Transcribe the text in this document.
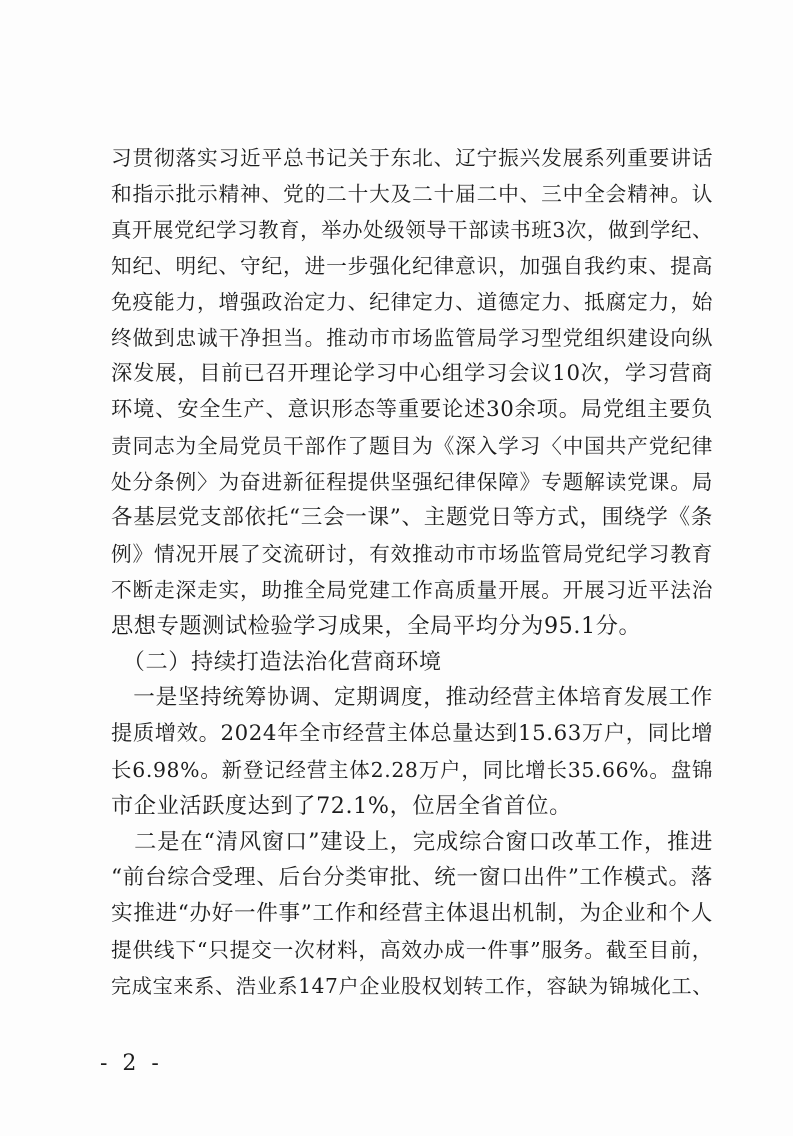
习贯彻落实习近平总书记关于东北、辽宁振兴发展系列重要讲话
和指示批示精神、党的二十大及二十届二中、三中全会精神。认
真开展党纪学习教育，举办处级领导干部读书班3次，做到学纪、
知纪、明纪、守纪，进一步强化纪律意识，加强自我约束、提高
免疫能力，增强政治定力、纪律定力、道德定力、抵腐定力，始
终做到忠诚干净担当。推动市市场监管局学习型党组织建设向纵
深发展，目前已召开理论学习中心组学习会议10次，学习营商
环境、安全生产、意识形态等重要论述30余项。局党组主要负
责同志为全局党员干部作了题目为《深入学习〈中国共产党纪律
处分条例〉为奋进新征程提供坚强纪律保障》专题解读党课。局
各基层党支部依托“三会一课”、主题党日等方式，围绕学《条
例》情况开展了交流研讨，有效推动市市场监管局党纪学习教育
不断走深走实，助推全局党建工作高质量开展。开展习近平法治
思想专题测试检验学习成果，全局平均分为95.1分。
　（二）持续打造法治化营商环境
　一是坚持统筹协调、定期调度，推动经营主体培育发展工作
提质增效。2024年全市经营主体总量达到15.63万户，同比增
长6.98%。新登记经营主体2.28万户，同比增长35.66%。盘锦
市企业活跃度达到了72.1%，位居全省首位。
　二是在“清风窗口”建设上，完成综合窗口改革工作，推进
“前台综合受理、后台分类审批、统一窗口出件”工作模式。落
实推进“办好一件事”工作和经营主体退出机制，为企业和个人
提供线下“只提交一次材料，高效办成一件事”服务。截至目前，
完成宝来系、浩业系147户企业股权划转工作，容缺为锦城化工、
- 2 -
